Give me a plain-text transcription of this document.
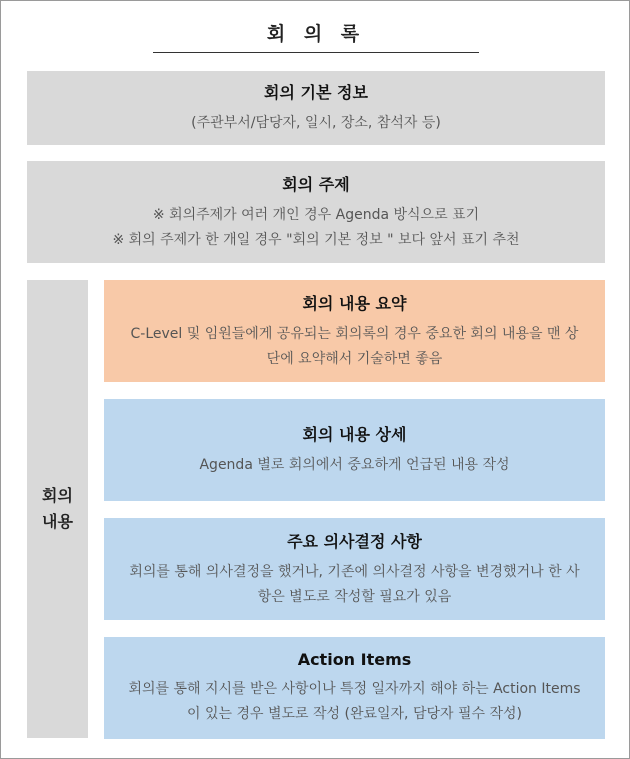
회 의 록
회의 기본 정보
(주관부서/담당자, 일시, 장소, 참석자 등)
회의 주제
※ 회의주제가 여러 개인 경우 Agenda 방식으로 표기
※ 회의 주제가 한 개일 경우 "회의 기본 정보 " 보다 앞서 표기 추천
회의
내용
회의 내용 요약
C-Level 및 임원들에게 공유되는 회의록의 경우 중요한 회의 내용을 맨 상
단에 요약해서 기술하면 좋음
회의 내용 상세
Agenda 별로 회의에서 중요하게 언급된 내용 작성
주요 의사결정 사항
회의를 통해 의사결정을 했거나, 기존에 의사결정 사항을 변경했거나 한 사
항은 별도로 작성할 필요가 있음
Action Items
회의를 통해 지시를 받은 사항이나 특정 일자까지 해야 하는 Action Items
이 있는 경우 별도로 작성 (완료일자, 담당자 필수 작성)
